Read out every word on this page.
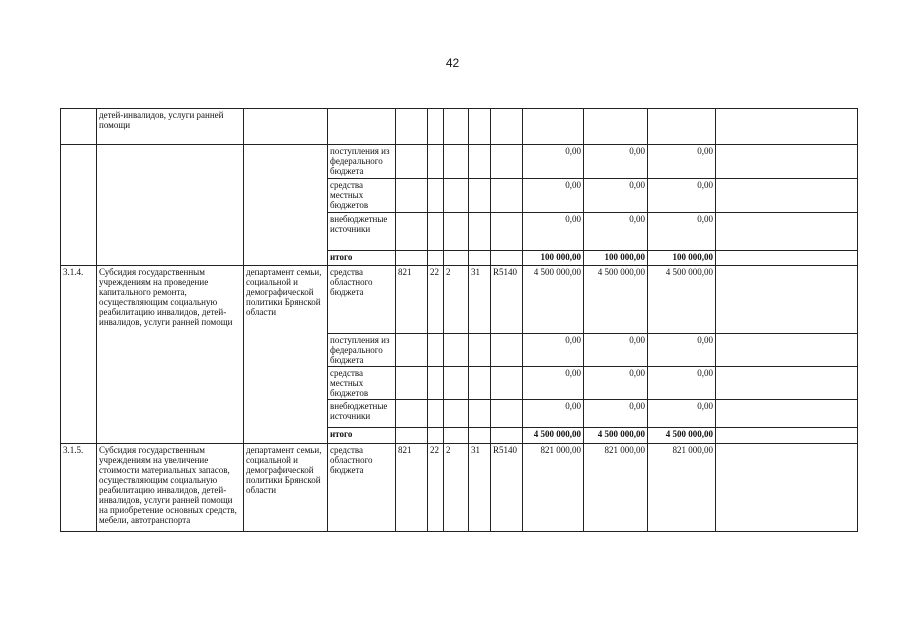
42
	детей-инвалидов, услуги ранней помощи											
			поступления из федерального бюджета						0,00	0,00	0,00	
			средства местных бюджетов						0,00	0,00	0,00	
			внебюджетные источники						0,00	0,00	0,00	
			итого						100 000,00	100 000,00	100 000,00	
3.1.4.	Субсидия государственным учреждениям на проведение капитального ремонта, осуществляющим социальную реабилитацию инвалидов, детей-инвалидов, услуги ранней помощи	департамент семьи, социальной и демографической политики Брянской области	средства областного бюджета	821	22	2	31	R5140	4 500 000,00	4 500 000,00	4 500 000,00	
			поступления из федерального бюджета						0,00	0,00	0,00	
			средства местных бюджетов						0,00	0,00	0,00	
			внебюджетные источники						0,00	0,00	0,00	
			итого						4 500 000,00	4 500 000,00	4 500 000,00	
3.1.5.	Субсидия государственным учреждениям на увеличение стоимости материальных запасов, осуществляющим социальную реабилитацию инвалидов, детей-инвалидов, услуги ранней помощи на приобретение основных средств, мебели, автотранспорта	департамент семьи, социальной и демографической политики Брянской области	средства областного бюджета	821	22	2	31	R5140	821 000,00	821 000,00	821 000,00	
